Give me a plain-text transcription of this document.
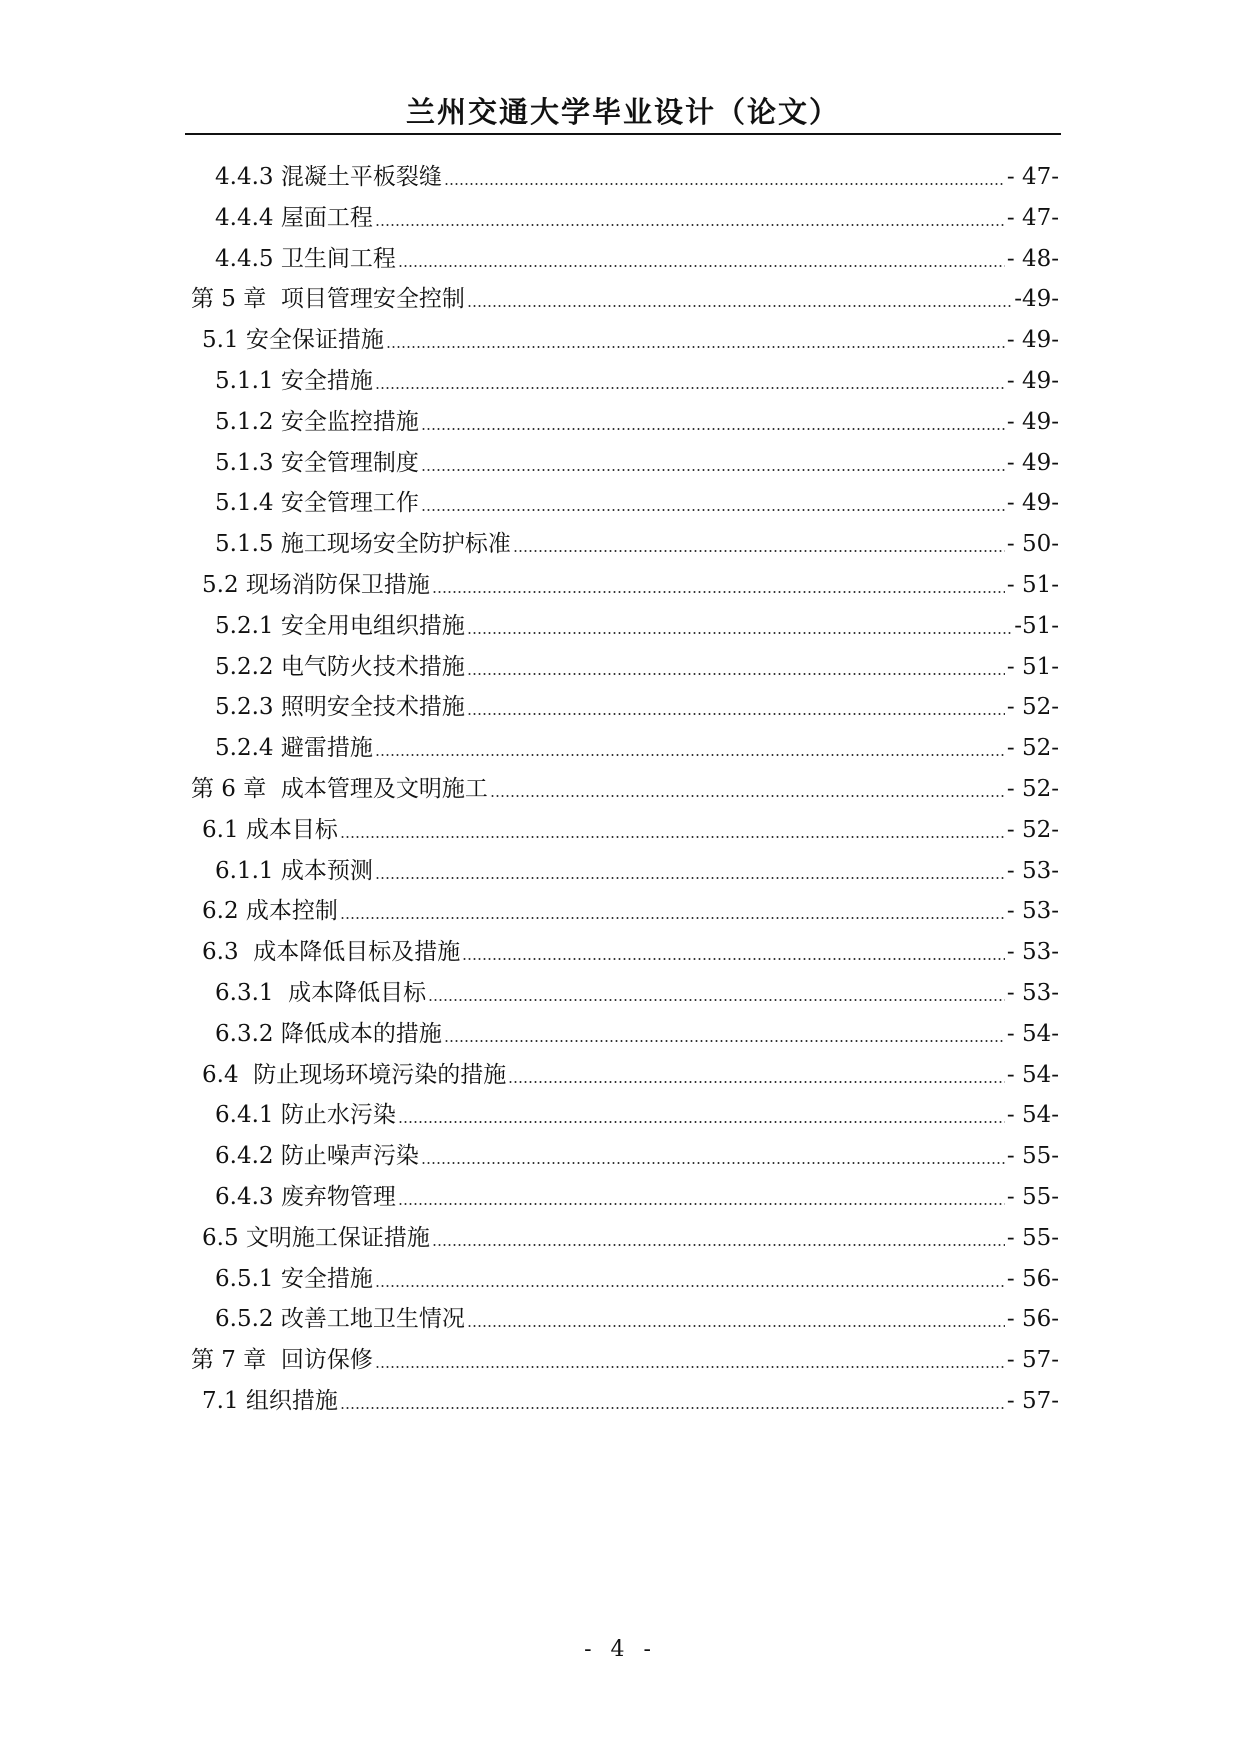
兰州交通大学毕业设计（论文）
4.4.3 混凝土平板裂缝	- 47-
4.4.4 屋面工程	- 47-
4.4.5 卫生间工程	- 48-
第 5 章 项目管理安全控制	-49-
5.1 安全保证措施	- 49-
5.1.1 安全措施	- 49-
5.1.2 安全监控措施	- 49-
5.1.3 安全管理制度	- 49-
5.1.4 安全管理工作	- 49-
5.1.5 施工现场安全防护标准	- 50-
5.2 现场消防保卫措施	- 51-
5.2.1 安全用电组织措施	-51-
5.2.2 电气防火技术措施	- 51-
5.2.3 照明安全技术措施	- 52-
5.2.4 避雷措施	- 52-
第 6 章 成本管理及文明施工	- 52-
6.1 成本目标	- 52-
6.1.1 成本预测	- 53-
6.2 成本控制	- 53-
6.3 成本降低目标及措施	- 53-
6.3.1 成本降低目标	- 53-
6.3.2 降低成本的措施	- 54-
6.4 防止现场环境污染的措施	- 54-
6.4.1 防止水污染	- 54-
6.4.2 防止噪声污染	- 55-
6.4.3 废弃物管理	- 55-
6.5 文明施工保证措施	- 55-
6.5.1 安全措施	- 56-
6.5.2 改善工地卫生情况	- 56-
第 7 章 回访保修	- 57-
7.1 组织措施	- 57-
- 4 -
